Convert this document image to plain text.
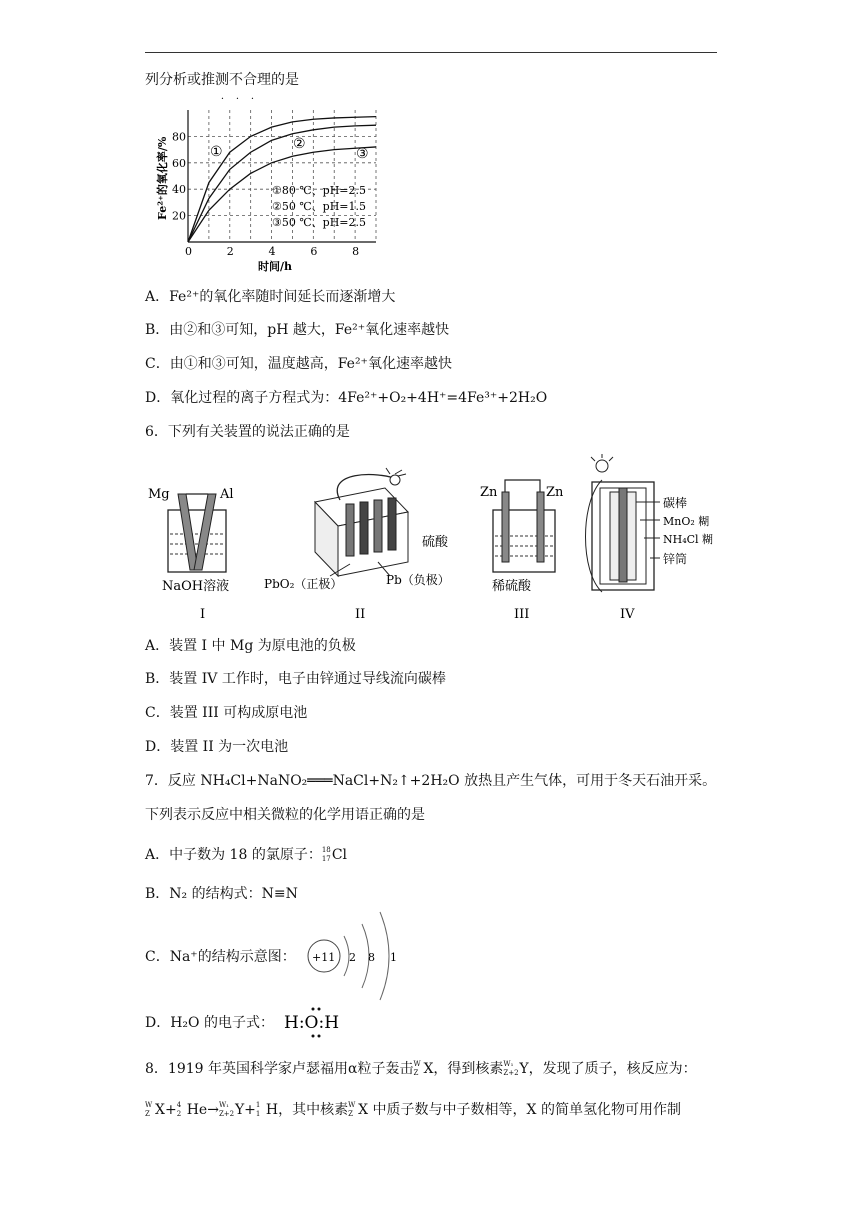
列分析或推测不合理的是
· · ·
20
40
60
80
0	2	4	6	8
①	②
③
①80 ℃、pH=2.5
②50 ℃、pH=1.5
③50 ℃、pH=2.5
Fe²⁺的氧化率/%
时间/h
A．Fe²⁺的氧化率随时间延长而逐渐增大
B．由②和③可知，pH 越大，Fe²⁺氧化速率越快
C．由①和③可知，温度越高，Fe²⁺氧化速率越快
D．氧化过程的离子方程式为：4Fe²⁺+O₂+4H⁺=4Fe³⁺+2H₂O
6．下列有关装置的说法正确的是
Mg	Al
NaOH溶液
I
硫酸
PbO₂（正极）	Pb（负极）
II
Zn	Zn
稀硫酸
III
碳棒
MnO₂ 糊
NH₄Cl 糊
锌筒
IV
A．装置 I 中 Mg 为原电池的负极
B．装置 IV 工作时，电子由锌通过导线流向碳棒
C．装置 III 可构成原电池
D．装置 II 为一次电池
7．反应 NH₄Cl+NaNO₂═══NaCl+N₂↑+2H₂O 放热且产生气体，可用于冬天石油开采。
下列表示反应中相关微粒的化学用语正确的是
A．中子数为 18 的氯原子： 18
17 Cl
B．N₂ 的结构式：N≡N
C．Na⁺的结构示意图： +11 2 8 1
D．H₂O 的电子式： H:O:H
8．1919 年英国科学家卢瑟福用α粒子轰击 W
Z X，得到核素 W₁
Z+2 Y，发现了质子，核反应为：
W
Z X+ 4
2 He→ W₁
Z+2 Y+ 1
1 H，其中核素 W
Z X 中质子数与中子数相等，X 的简单氢化物可用作制
